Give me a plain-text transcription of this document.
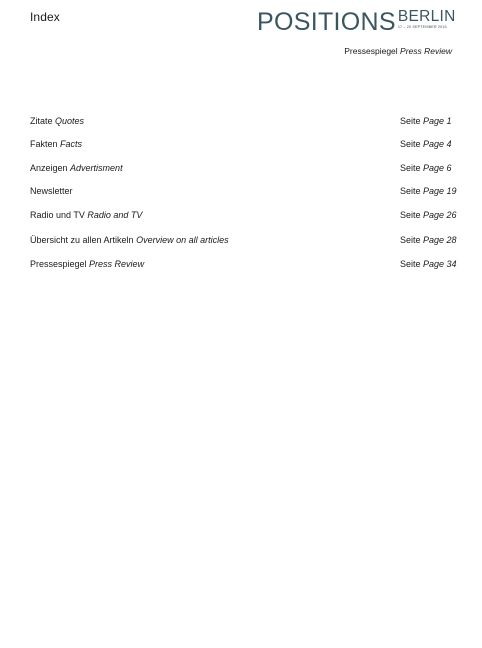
Index	POSITIONS BERLIN
17 – 20 SEPTEMBER 2015
Pressespiegel Press Review
Zitate Quotes	Seite Page 1
Fakten Facts	Seite Page 4
Anzeigen Advertisment	Seite Page 6
Newsletter	Seite Page 19
Radio und TV Radio and TV	Seite Page 26
Übersicht zu allen Artikeln Overview on all articles	Seite Page 28
Pressespiegel Press Review	Seite Page 34
